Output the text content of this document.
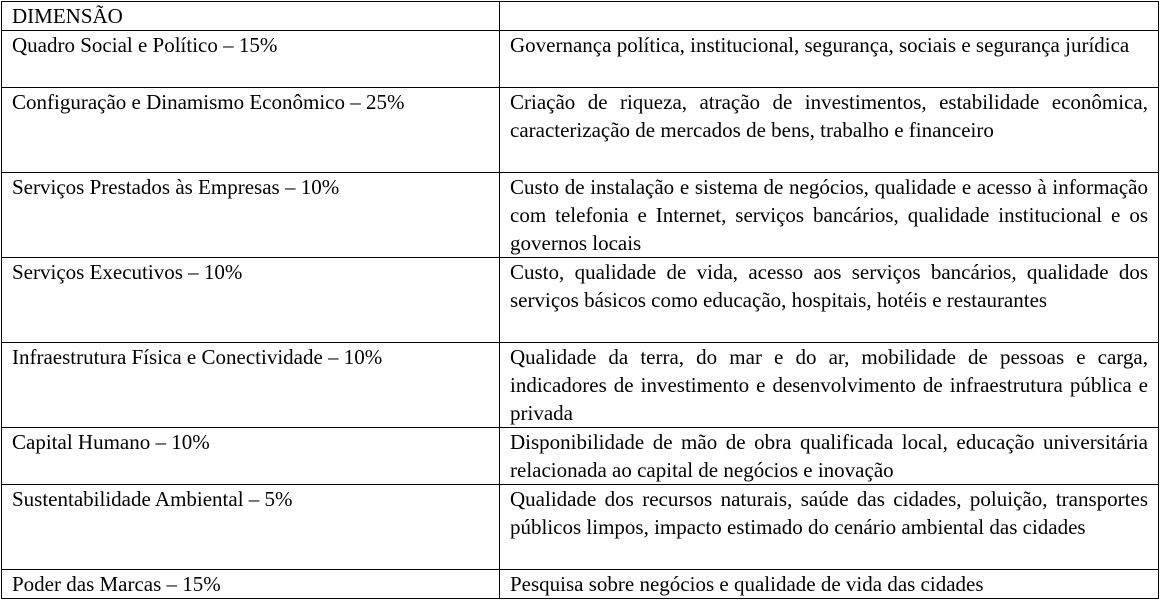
DIMENSÃO	
Quadro Social e Político – 15%	Governança política, institucional, segurança, sociais e segurança jurídica
Configuração e Dinamismo Econômico – 25%	Criação de riqueza, atração de investimentos, estabilidade econômica, caracterização de mercados de bens, trabalho e financeiro
Serviços Prestados às Empresas – 10%	Custo de instalação e sistema de negócios, qualidade e acesso à informação com telefonia e Internet, serviços bancários, qualidade institucional e os governos locais
Serviços Executivos – 10%	Custo, qualidade de vida, acesso aos serviços bancários, qualidade dos serviços básicos como educação, hospitais, hotéis e restaurantes
Infraestrutura Física e Conectividade – 10%	Qualidade da terra, do mar e do ar, mobilidade de pessoas e carga, indicadores de investimento e desenvolvimento de infraestrutura pública e privada
Capital Humano – 10%	Disponibilidade de mão de obra qualificada local, educação universitária relacionada ao capital de negócios e inovação
Sustentabilidade Ambiental – 5%	Qualidade dos recursos naturais, saúde das cidades, poluição, transportes públicos limpos, impacto estimado do cenário ambiental das cidades
Poder das Marcas – 15%	Pesquisa sobre negócios e qualidade de vida das cidades
